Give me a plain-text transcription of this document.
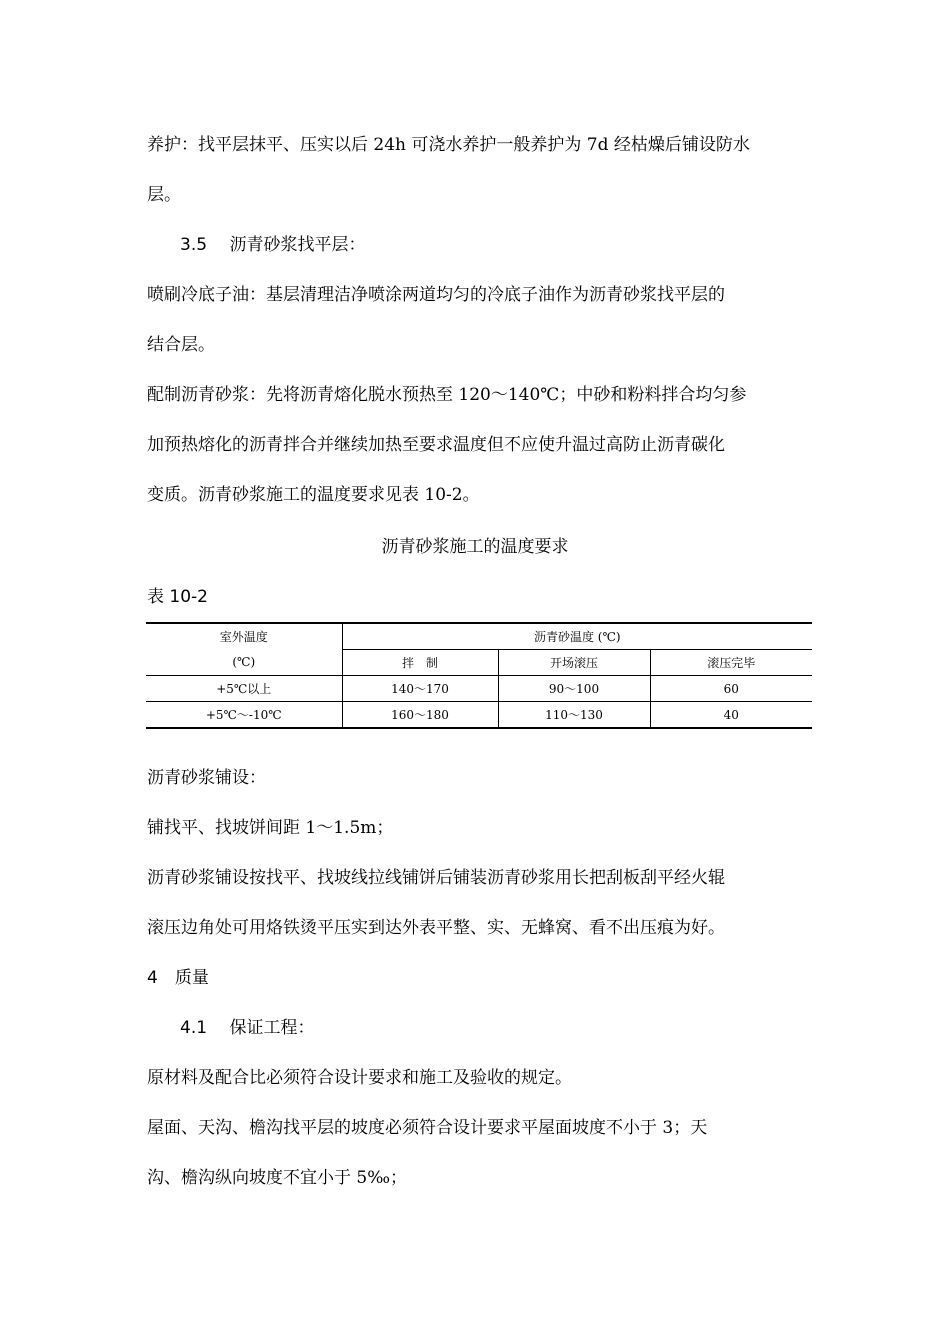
养护：找平层抹平、压实以后 24h 可浇水养护一般养护为 7d 经枯燥后铺设防水
层。
3.5　 沥青砂浆找平层：
喷刷冷底子油：基层清理洁净喷涂两道均匀的冷底子油作为沥青砂浆找平层的
结合层。
配制沥青砂浆：先将沥青熔化脱水预热至 120～140℃；中砂和粉料拌合均匀参
加预热熔化的沥青拌合并继续加热至要求温度但不应使升温过高防止沥青碳化
变质。沥青砂浆施工的温度要求见表 10-2。
沥青砂浆施工的温度要求
表 10-2
室外温度	沥青砂温度 (℃)		
(℃)	拌　制	开场滚压	滚压完毕
+5℃以上	140～170	90～100	60
+5℃～-10℃	160～180	110～130	40
沥青砂浆铺设：
铺找平、找坡饼间距 1～1.5m；
沥青砂浆铺设按找平、找坡线拉线铺饼后铺装沥青砂浆用长把刮板刮平经火辊
滚压边角处可用烙铁烫平压实到达外表平整、实、无蜂窝、看不出压痕为好。
4　质量
4.1　 保证工程：
原材料及配合比必须符合设计要求和施工及验收的规定。
屋面、天沟、檐沟找平层的坡度必须符合设计要求平屋面坡度不小于 3；天
沟、檐沟纵向坡度不宜小于 5‰；
